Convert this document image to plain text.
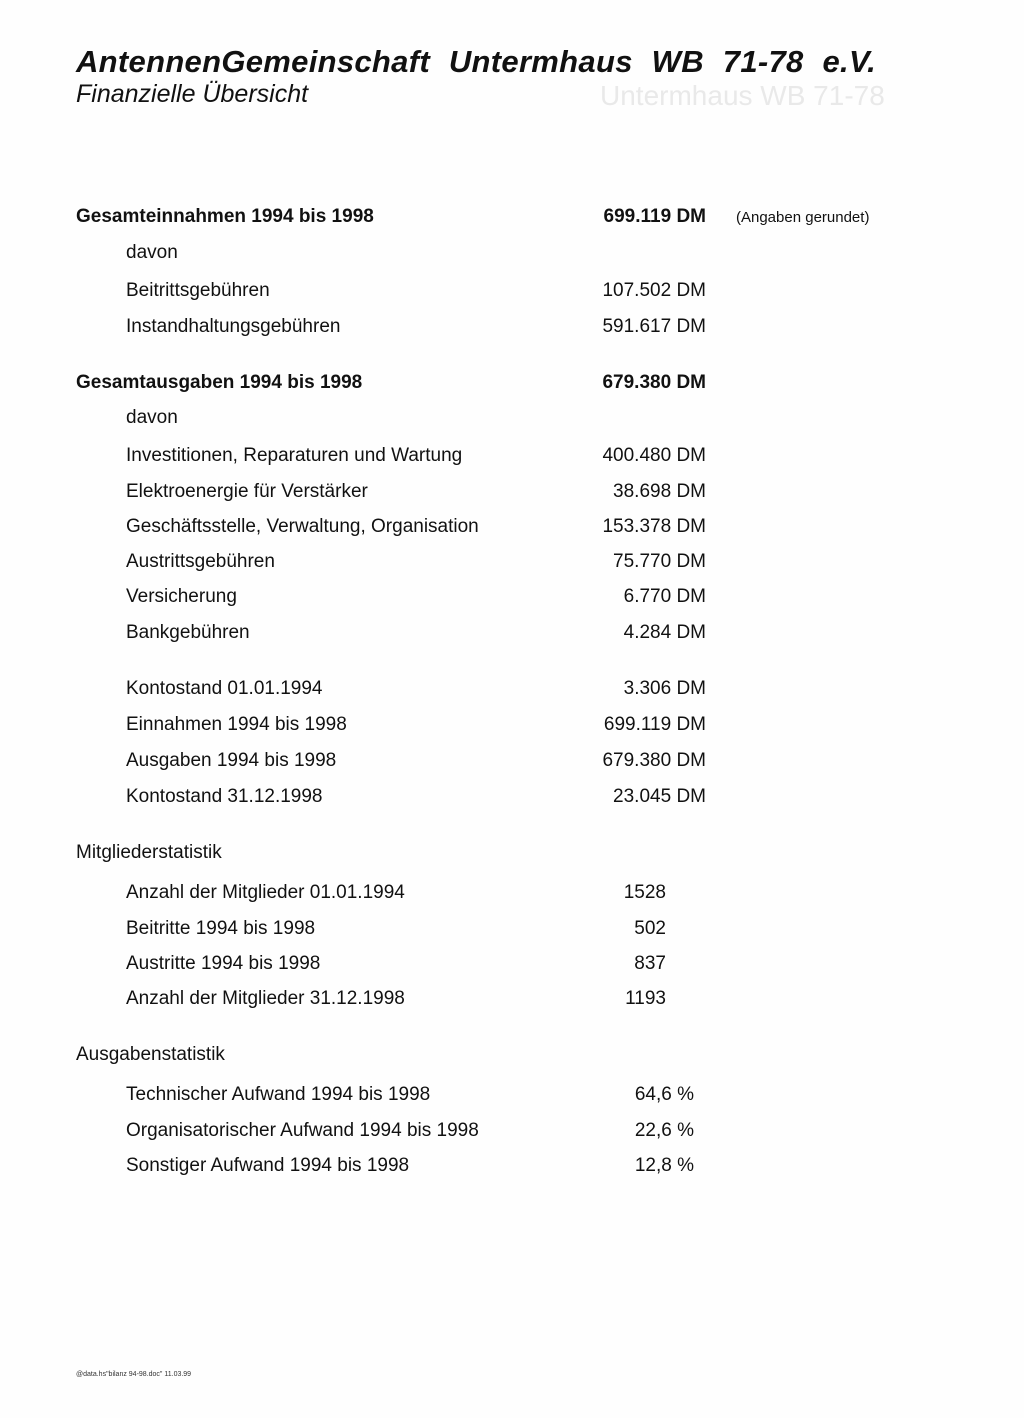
Untermhaus WB 71-78
AntennenGemeinschaft Untermhaus WB 71-78 e.V.
Finanzielle Übersicht
Gesamteinnahmen 1994 bis 1998	699.119 DM (Angaben gerundet)
davon
Beitrittsgebühren	107.502 DM
Instandhaltungsgebühren	591.617 DM
Gesamtausgaben 1994 bis 1998	679.380 DM
davon
Investitionen, Reparaturen und Wartung	400.480 DM
Elektroenergie für Verstärker	38.698 DM
Geschäftsstelle, Verwaltung, Organisation	153.378 DM
Austrittsgebühren	75.770 DM
Versicherung	6.770 DM
Bankgebühren	4.284 DM
Kontostand 01.01.1994	3.306 DM
Einnahmen 1994 bis 1998	699.119 DM
Ausgaben 1994 bis 1998	679.380 DM
Kontostand 31.12.1998	23.045 DM
Mitgliederstatistik
Anzahl der Mitglieder 01.01.1994	1528
Beitritte 1994 bis 1998	502
Austritte 1994 bis 1998	837
Anzahl der Mitglieder 31.12.1998	1193
Ausgabenstatistik
Technischer Aufwand 1994 bis 1998	64,6 %
Organisatorischer Aufwand 1994 bis 1998	22,6 %
Sonstiger Aufwand 1994 bis 1998	12,8 %
@data.hs"bilanz 94-98.doc" 11.03.99
